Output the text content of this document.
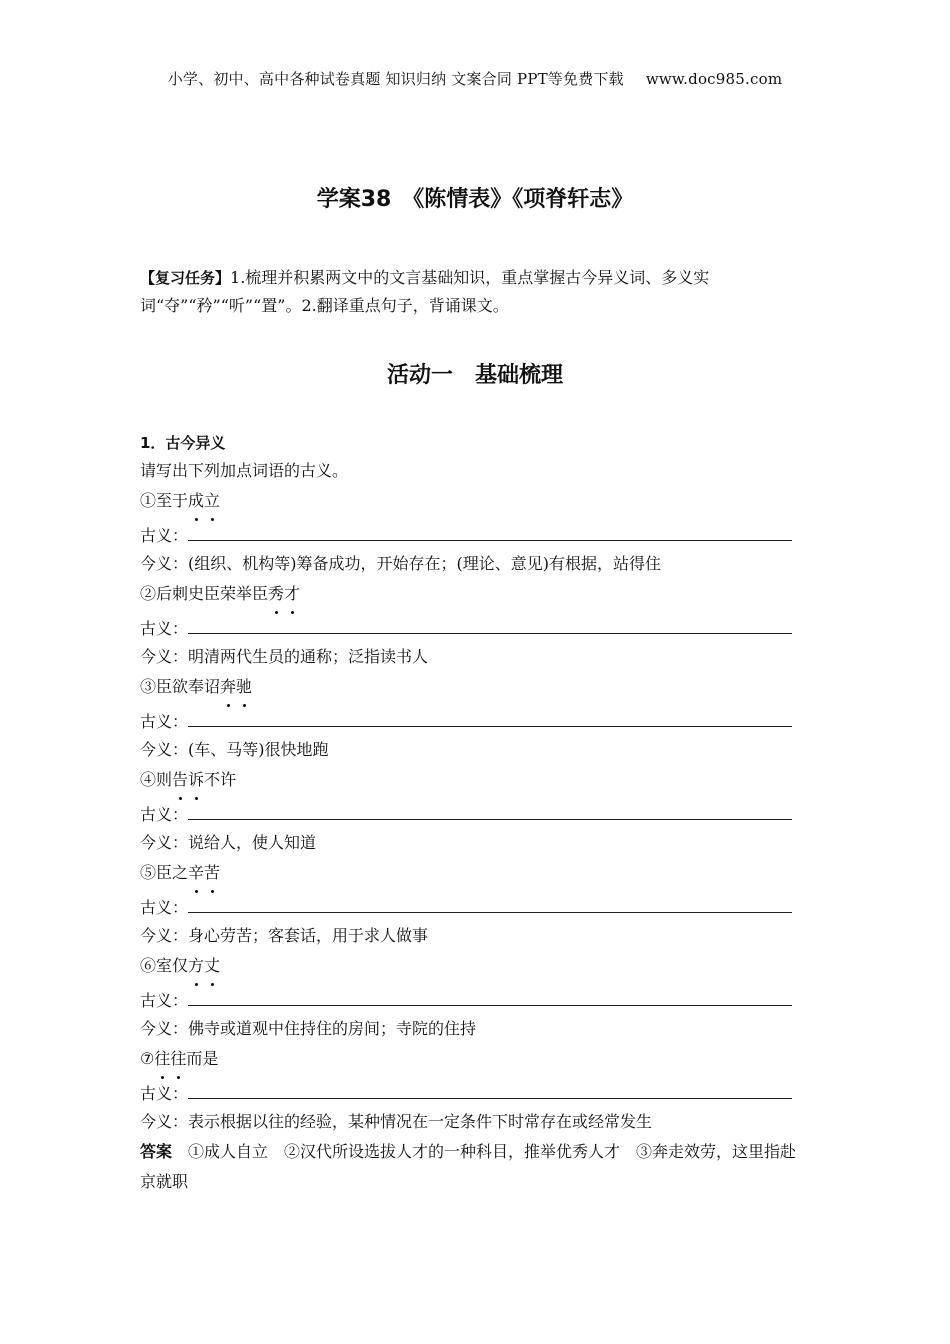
小学、初中、高中各种试卷真题 知识归纳 文案合同 PPT等免费下载 www.doc985.com
学案38　《陈情表》《项脊轩志》
【复习任务】1.梳理并积累两文中的文言基础知识，重点掌握古今异义词、多义实词“夺”“矜”“听”“置”。2.翻译重点句子，背诵课文。
活动一　基础梳理
1．古今异义
请写出下列加点词语的古义。
①至于成立
古义：
今义：(组织、机构等)筹备成功，开始存在；(理论、意见)有根据，站得住
②后刺史臣荣举臣秀才
古义：
今义：明清两代生员的通称；泛指读书人
③臣欲奉诏奔驰
古义：
今义：(车、马等)很快地跑
④则告诉不许
古义：
今义：说给人，使人知道
⑤臣之辛苦
古义：
今义：身心劳苦；客套话，用于求人做事
⑥室仅方丈
古义：
今义：佛寺或道观中住持住的房间；寺院的住持
⑦往往而是
古义：
今义：表示根据以往的经验，某种情况在一定条件下时常存在或经常发生
答案　 ①成人自立　②汉代所设选拔人才的一种科目，推举优秀人才　③奔走效劳，这里指赴京就职
